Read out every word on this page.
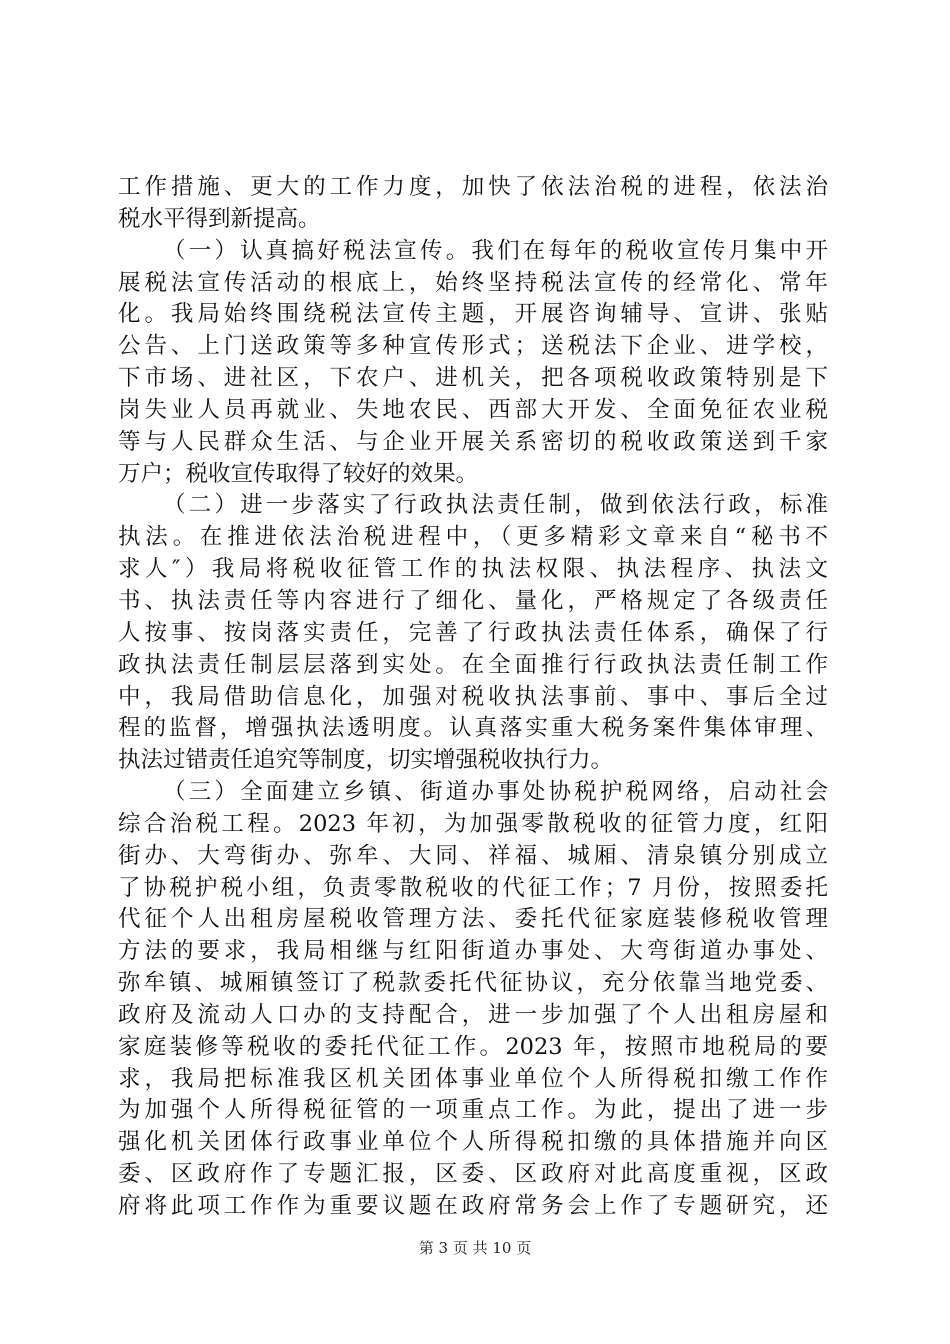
工作措施、更大的工作力度，加快了依法治税的进程，依法治
税水平得到新提高。
（一）认真搞好税法宣传。我们在每年的税收宣传月集中开
展税法宣传活动的根底上，始终坚持税法宣传的经常化、常年
化。我局始终围绕税法宣传主题，开展咨询辅导、宣讲、张贴
公告、上门送政策等多种宣传形式；送税法下企业、进学校，
下市场、进社区，下农户、进机关，把各项税收政策特别是下
岗失业人员再就业、失地农民、西部大开发、全面免征农业税
等与人民群众生活、与企业开展关系密切的税收政策送到千家
万户；税收宣传取得了较好的效果。
（二）进一步落实了行政执法责任制，做到依法行政，标准
执法。在推进依法治税进程中，（更多精彩文章来自“秘书不
求人″）我局将税收征管工作的执法权限、执法程序、执法文
书、执法责任等内容进行了细化、量化，严格规定了各级责任
人按事、按岗落实责任，完善了行政执法责任体系，确保了行
政执法责任制层层落到实处。在全面推行行政执法责任制工作
中，我局借助信息化，加强对税收执法事前、事中、事后全过
程的监督，增强执法透明度。认真落实重大税务案件集体审理、
执法过错责任追究等制度，切实增强税收执行力。
（三）全面建立乡镇、街道办事处协税护税网络，启动社会
综合治税工程。2023 年初，为加强零散税收的征管力度，红阳
街办、大弯街办、弥牟、大同、祥福、城厢、清泉镇分别成立
了协税护税小组，负责零散税收的代征工作；7 月份，按照委托
代征个人出租房屋税收管理方法、委托代征家庭装修税收管理
方法的要求，我局相继与红阳街道办事处、大弯街道办事处、
弥牟镇、城厢镇签订了税款委托代征协议，充分依靠当地党委、
政府及流动人口办的支持配合，进一步加强了个人出租房屋和
家庭装修等税收的委托代征工作。2023 年，按照市地税局的要
求，我局把标准我区机关团体事业单位个人所得税扣缴工作作
为加强个人所得税征管的一项重点工作。为此，提出了进一步
强化机关团体行政事业单位个人所得税扣缴的具体措施并向区
委、区政府作了专题汇报，区委、区政府对此高度重视，区政
府将此项工作作为重要议题在政府常务会上作了专题研究，还
第 3 页 共 10 页
